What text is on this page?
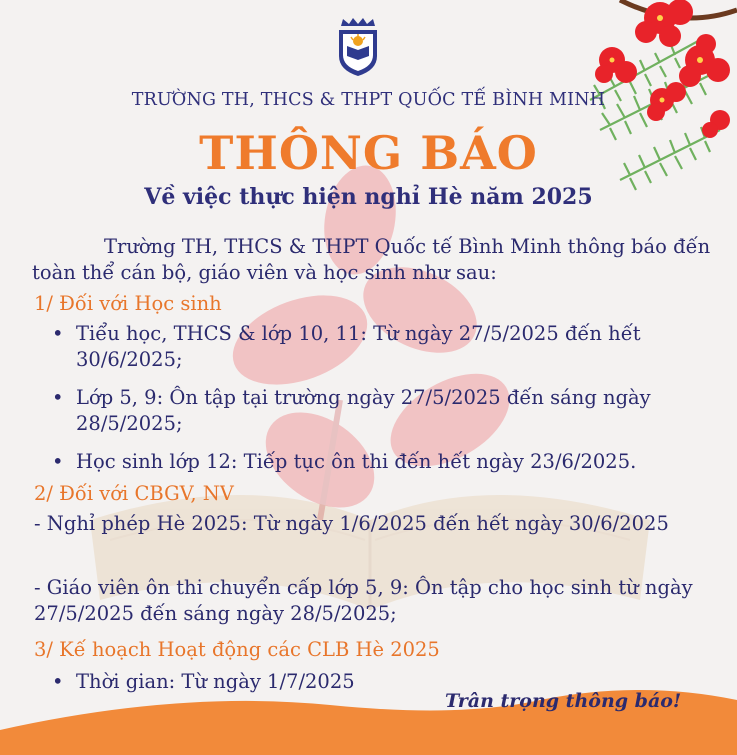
TRƯỜNG TH, THCS & THPT QUỐC TẾ BÌNH MINH
THÔNG BÁO
Về việc thực hiện nghỉ Hè năm 2025
Trường TH, THCS & THPT Quốc tế Bình Minh thông báo đến toàn thể cán bộ, giáo viên và học sinh như sau:
1/ Đối với Học sinh
• Tiểu học, THCS & lớp 10, 11: Từ ngày 27/5/2025 đến hết 30/6/2025;
• Lớp 5, 9: Ôn tập tại trường ngày 27/5/2025 đến sáng ngày 28/5/2025;
• Học sinh lớp 12: Tiếp tục ôn thi đến hết ngày 23/6/2025.
2/ Đối với CBGV, NV
- Nghỉ phép Hè 2025: Từ ngày 1/6/2025 đến hết ngày 30/6/2025
- Giáo viên ôn thi chuyển cấp lớp 5, 9: Ôn tập cho học sinh từ ngày 27/5/2025 đến sáng ngày 28/5/2025;
3/ Kế hoạch Hoạt động các CLB Hè 2025
• Thời gian: Từ ngày 1/7/2025
Trân trọng thông báo!
